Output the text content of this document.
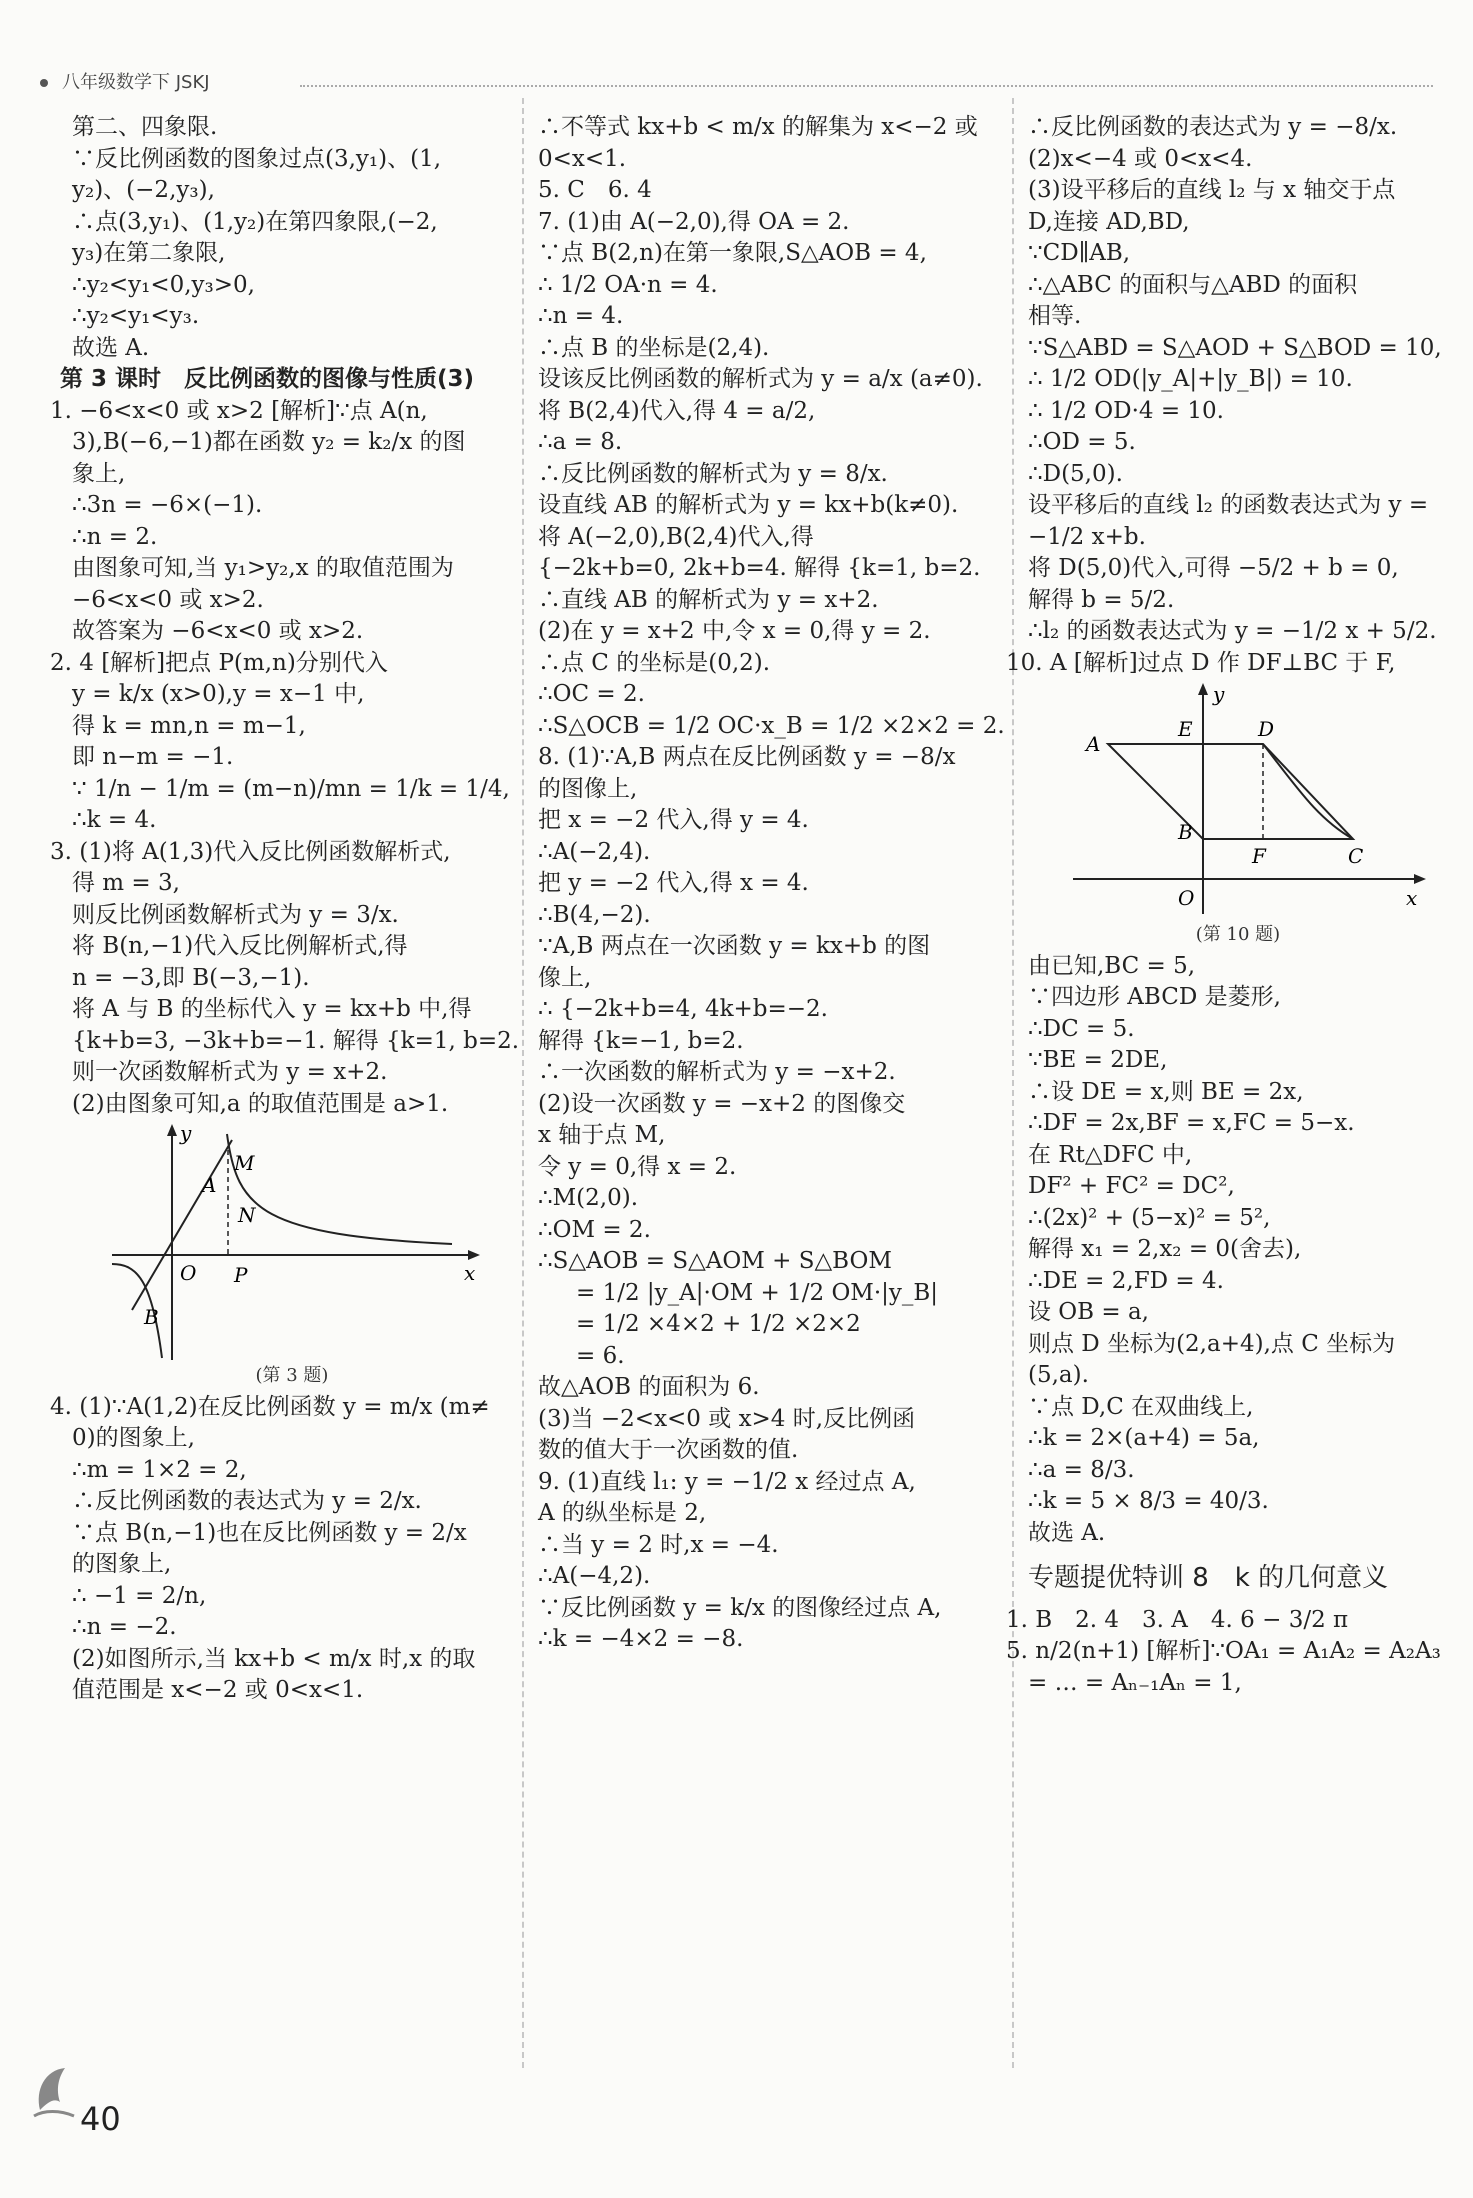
八年级数学下 JSKJ

第二、四象限.

∵反比例函数的图象过点(3,y₁)、(1,

y₂)、(−2,y₃),

∴点(3,y₁)、(1,y₂)在第四象限,(−2,

y₃)在第二象限,

∴y₂<y₁<0,y₃>0,

∴y₂<y₁<y₃.

故选 A.

第 3 课时　反比例函数的图像与性质(3)

1. −6<x<0 或 x>2 [解析]∵点 A(n,

3),B(−6,−1)都在函数 y₂ = k₂/x 的图

象上,

∴3n = −6×(−1).

∴n = 2.

由图象可知,当 y₁>y₂,x 的取值范围为

−6<x<0 或 x>2.

故答案为 −6<x<0 或 x>2.

2. 4 [解析]把点 P(m,n)分别代入

y = k/x (x>0),y = x−1 中,

得 k = mn,n = m−1,

即 n−m = −1.

∵ 1/n − 1/m = (m−n)/mn = 1/k = 1/4,

∴k = 4.

3. (1)将 A(1,3)代入反比例函数解析式,

得 m = 3,

则反比例函数解析式为 y = 3/x.

将 B(n,−1)代入反比例解析式,得

n = −3,即 B(−3,−1).

将 A 与 B 的坐标代入 y = kx+b 中,得

{k+b=3, −3k+b=−1. 解得 {k=1, b=2.

则一次函数解析式为 y = x+2.

(2)由图象可知,a 的取值范围是 a>1.

y
x
O
M
A
N
P
B

(第 3 题)

4. (1)∵A(1,2)在反比例函数 y = m/x (m≠

0)的图象上,

∴m = 1×2 = 2,

∴反比例函数的表达式为 y = 2/x.

∵点 B(n,−1)也在反比例函数 y = 2/x

的图象上,

∴ −1 = 2/n,

∴n = −2.

(2)如图所示,当 kx+b < m/x 时,x 的取

值范围是 x<−2 或 0<x<1.

∴不等式 kx+b < m/x 的解集为 x<−2 或

0<x<1.

5. C　6. 4

7. (1)由 A(−2,0),得 OA = 2.

∵点 B(2,n)在第一象限,S△AOB = 4,

∴ 1/2 OA·n = 4.

∴n = 4.

∴点 B 的坐标是(2,4).

设该反比例函数的解析式为 y = a/x (a≠0).

将 B(2,4)代入,得 4 = a/2,

∴a = 8.

∴反比例函数的解析式为 y = 8/x.

设直线 AB 的解析式为 y = kx+b(k≠0).

将 A(−2,0),B(2,4)代入,得

{−2k+b=0, 2k+b=4. 解得 {k=1, b=2.

∴直线 AB 的解析式为 y = x+2.

(2)在 y = x+2 中,令 x = 0,得 y = 2.

∴点 C 的坐标是(0,2).

∴OC = 2.

∴S△OCB = 1/2 OC·x_B = 1/2 ×2×2 = 2.

8. (1)∵A,B 两点在反比例函数 y = −8/x

的图像上,

把 x = −2 代入,得 y = 4.

∴A(−2,4).

把 y = −2 代入,得 x = 4.

∴B(4,−2).

∵A,B 两点在一次函数 y = kx+b 的图

像上,

∴ {−2k+b=4, 4k+b=−2.

解得 {k=−1, b=2.

∴一次函数的解析式为 y = −x+2.

(2)设一次函数 y = −x+2 的图像交

x 轴于点 M,

令 y = 0,得 x = 2.

∴M(2,0).

∴OM = 2.

∴S△AOB = S△AOM + S△BOM

= 1/2 |y_A|·OM + 1/2 OM·|y_B|

= 1/2 ×4×2 + 1/2 ×2×2

= 6.

故△AOB 的面积为 6.

(3)当 −2<x<0 或 x>4 时,反比例函

数的值大于一次函数的值.

9. (1)直线 l₁: y = −1/2 x 经过点 A,

A 的纵坐标是 2,

∴当 y = 2 时,x = −4.

∴A(−4,2).

∵反比例函数 y = k/x 的图像经过点 A,

∴k = −4×2 = −8.

∴反比例函数的表达式为 y = −8/x.

(2)x<−4 或 0<x<4.

(3)设平移后的直线 l₂ 与 x 轴交于点

D,连接 AD,BD,

∵CD∥AB,

∴△ABC 的面积与△ABD 的面积

相等.

∵S△ABD = S△AOD + S△BOD = 10,

∴ 1/2 OD(|y_A|+|y_B|) = 10.

∴ 1/2 OD·4 = 10.

∴OD = 5.

∴D(5,0).

设平移后的直线 l₂ 的函数表达式为 y =

−1/2 x+b.

将 D(5,0)代入,可得 −5/2 + b = 0,

解得 b = 5/2.

∴l₂ 的函数表达式为 y = −1/2 x + 5/2.

10. A [解析]过点 D 作 DF⊥BC 于 F,

y
x
O
A
E	D
B
F	C

(第 10 题)

由已知,BC = 5,

∵四边形 ABCD 是菱形,

∴DC = 5.

∵BE = 2DE,

∴设 DE = x,则 BE = 2x,

∴DF = 2x,BF = x,FC = 5−x.

在 Rt△DFC 中,

DF² + FC² = DC²,

∴(2x)² + (5−x)² = 5²,

解得 x₁ = 2,x₂ = 0(舍去),

∴DE = 2,FD = 4.

设 OB = a,

则点 D 坐标为(2,a+4),点 C 坐标为

(5,a).

∵点 D,C 在双曲线上,

∴k = 2×(a+4) = 5a,

∴a = 8/3.

∴k = 5 × 8/3 = 40/3.

故选 A.

专题提优特训 8　k 的几何意义

1. B　2. 4　3. A　4. 6 − 3/2 π

5. n/2(n+1) [解析]∵OA₁ = A₁A₂ = A₂A₃

= … = Aₙ₋₁Aₙ = 1,

40
